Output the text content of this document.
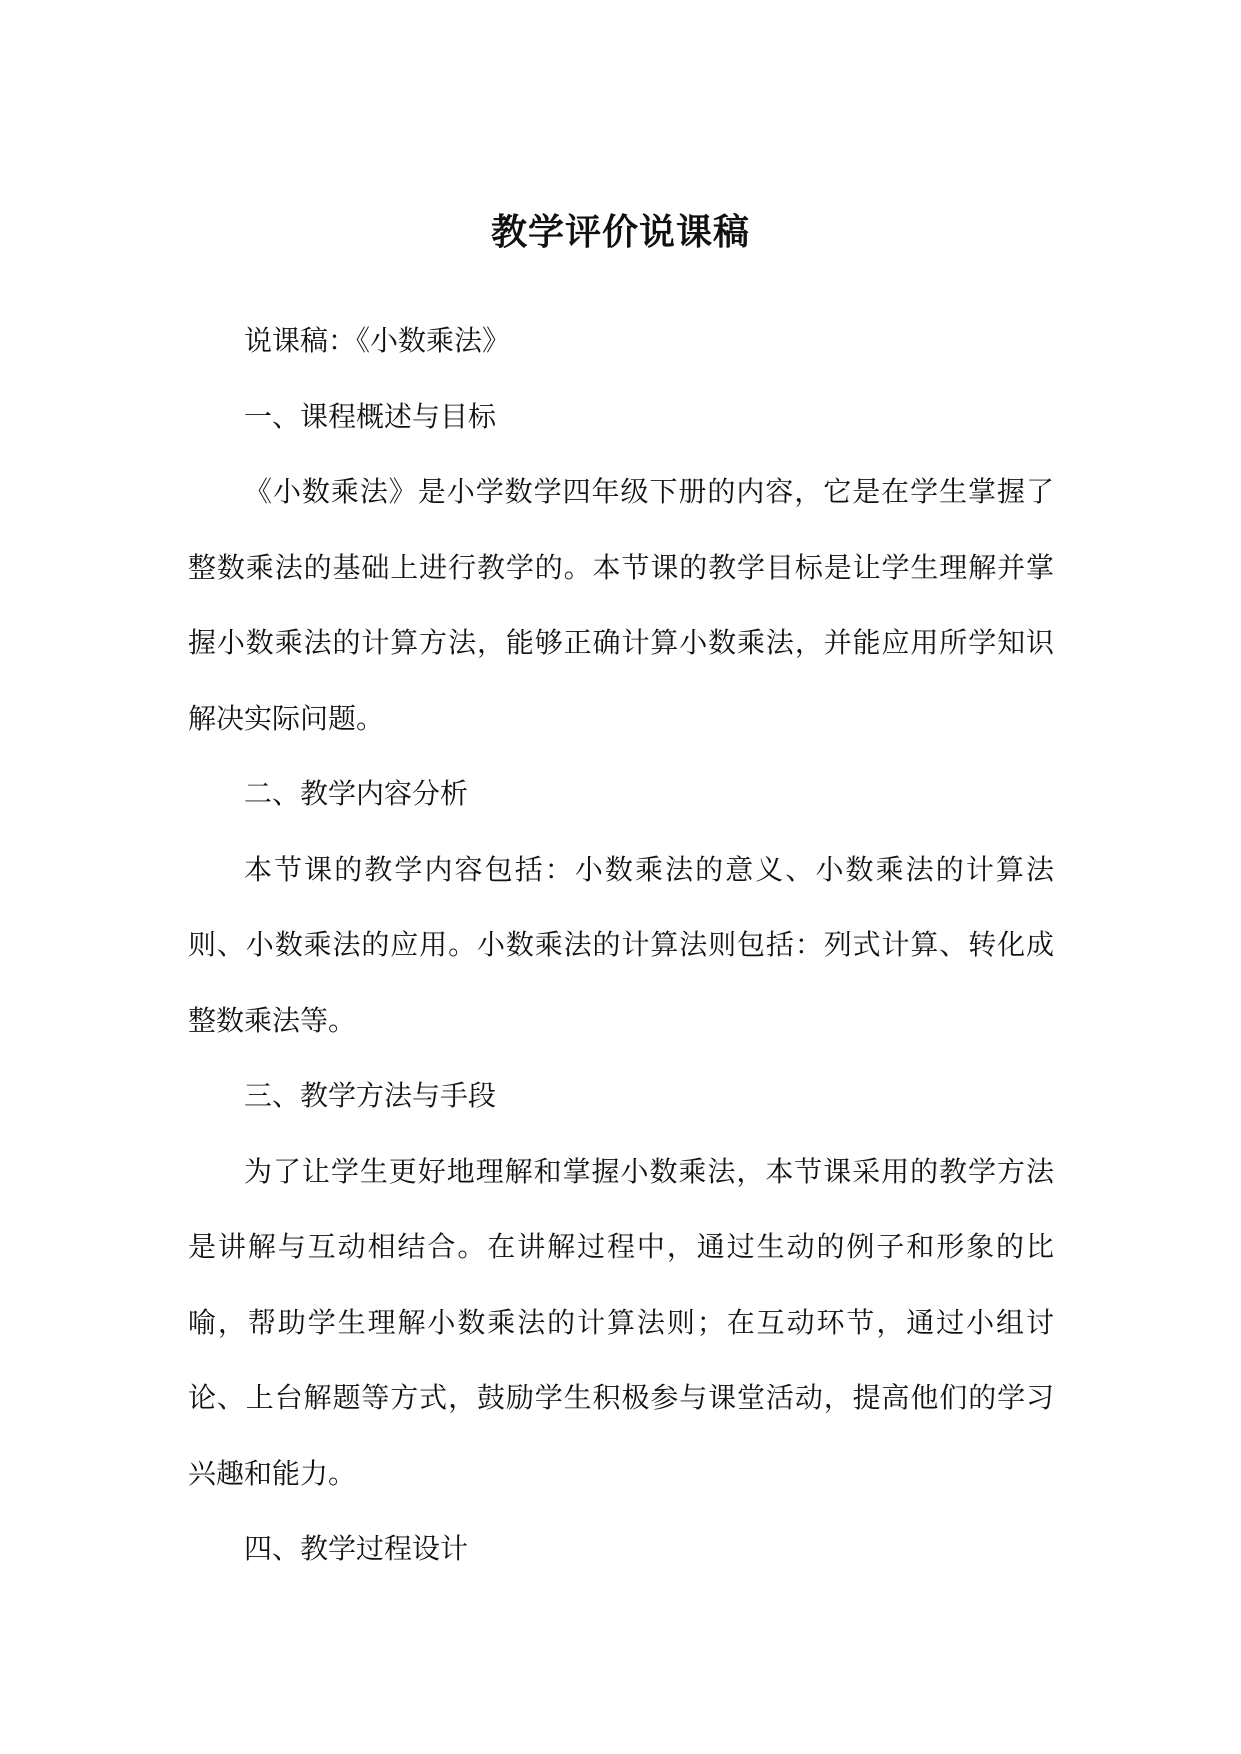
教学评价说课稿

说课稿：《小数乘法》

一、课程概述与目标

《小数乘法》是小学数学四年级下册的内容，它是在学生掌握了整数乘法的基础上进行教学的。本节课的教学目标是让学生理解并掌握小数乘法的计算方法，能够正确计算小数乘法，并能应用所学知识解决实际问题。

二、教学内容分析

本节课的教学内容包括：小数乘法的意义、小数乘法的计算法则、小数乘法的应用。小数乘法的计算法则包括：列式计算、转化成整数乘法等。

三、教学方法与手段

为了让学生更好地理解和掌握小数乘法，本节课采用的教学方法是讲解与互动相结合。在讲解过程中，通过生动的例子和形象的比喻，帮助学生理解小数乘法的计算法则；在互动环节，通过小组讨论、上台解题等方式，鼓励学生积极参与课堂活动，提高他们的学习兴趣和能力。

四、教学过程设计
